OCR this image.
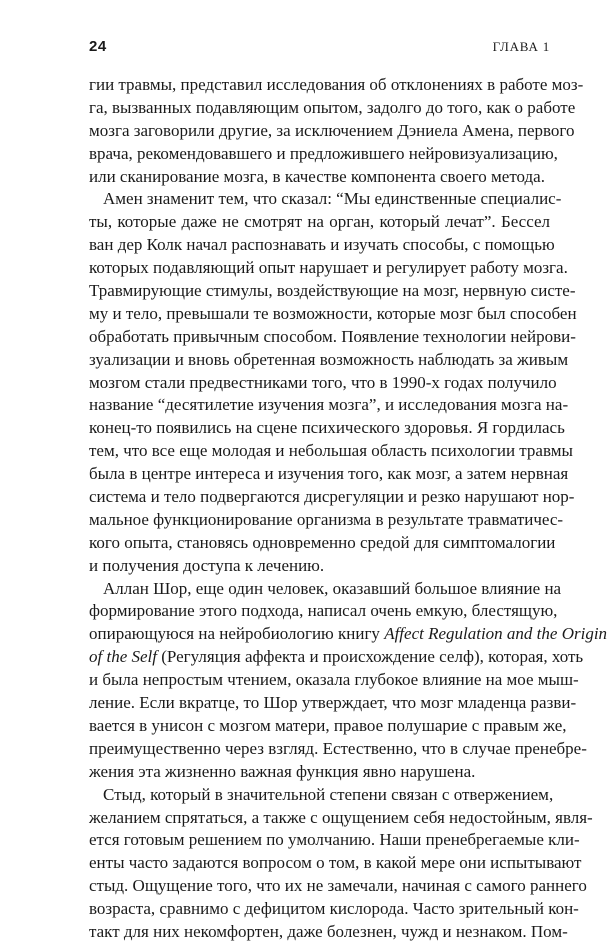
24	ГЛАВА 1
гии травмы, представил исследования об отклонениях в работе моз-
га, вызванных подавляющим опытом, задолго до того, как о работе
мозга заговорили другие, за исключением Дэниела Амена, первого
врача, рекомендовавшего и предложившего нейровизуализацию,
или сканирование мозга, в качестве компонента своего метода.
Амен знаменит тем, что сказал: “Мы единственные специалис-
ты, которые даже не смотрят на орган, который лечат”. Бессел
ван дер Колк начал распознавать и изучать способы, с помощью
которых подавляющий опыт нарушает и регулирует работу мозга.
Травмирующие стимулы, воздействующие на мозг, нервную систе-
му и тело, превышали те возможности, которые мозг был способен
обработать привычным способом. Появление технологии нейрови-
зуализации и вновь обретенная возможность наблюдать за живым
мозгом стали предвестниками того, что в 1990-х годах получило
название “десятилетие изучения мозга”, и исследования мозга на-
конец-то появились на сцене психического здоровья. Я гордилась
тем, что все еще молодая и небольшая область психологии травмы
была в центре интереса и изучения того, как мозг, а затем нервная
система и тело подвергаются дисрегуляции и резко нарушают нор-
мальное функционирование организма в результате травматичес-
кого опыта, становясь одновременно средой для симптомалогии
и получения доступа к лечению.
Аллан Шор, еще один человек, оказавший большое влияние на
формирование этого подхода, написал очень емкую, блестящую,
опирающуюся на нейробиологию книгу Affect Regulation and the Origin
of the Self (Регуляция аффекта и происхождение селф), которая, хоть
и была непростым чтением, оказала глубокое влияние на мое мыш-
ление. Если вкратце, то Шор утверждает, что мозг младенца разви-
вается в унисон с мозгом матери, правое полушарие с правым же,
преимущественно через взгляд. Естественно, что в случае пренебре-
жения эта жизненно важная функция явно нарушена.
Стыд, который в значительной степени связан с отвержением,
желанием спрятаться, а также с ощущением себя недостойным, явля-
ется готовым решением по умолчанию. Наши пренебрегаемые кли-
енты часто задаются вопросом о том, в какой мере они испытывают
стыд. Ощущение того, что их не замечали, начиная с самого раннего
возраста, сравнимо с дефицитом кислорода. Часто зрительный кон-
такт для них некомфортен, даже болезнен, чужд и незнаком. Пом-
